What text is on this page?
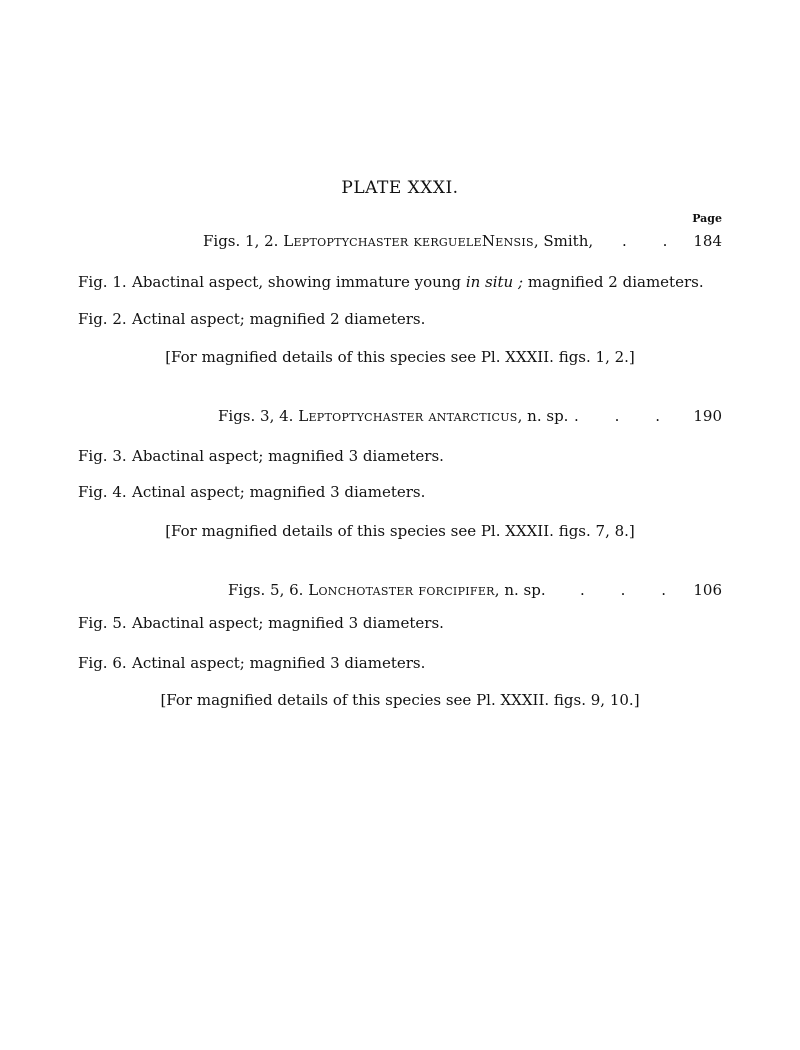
PLATE XXXI.
Page
Figs. 1, 2. Leptoptychaster kergueleNensis, Smith, .     . 184
Fig. 1. Abactinal aspect, showing immature young in situ ; magnified 2 diameters.
Fig. 2. Actinal aspect; magnified 2 diameters.
[For magnified details of this species see Pl. XXXII. figs. 1, 2.]
Figs. 3, 4. Leptoptychaster antarcticus, n. sp. .     .     . 190
Fig. 3. Abactinal aspect; magnified 3 diameters.
Fig. 4. Actinal aspect; magnified 3 diameters.
[For magnified details of this species see Pl. XXXII. figs. 7, 8.]
Figs. 5, 6. Lonchotaster forcipifer, n. sp. .     .     . 106
Fig. 5. Abactinal aspect; magnified 3 diameters.
Fig. 6. Actinal aspect; magnified 3 diameters.
[For magnified details of this species see Pl. XXXII. figs. 9, 10.]
